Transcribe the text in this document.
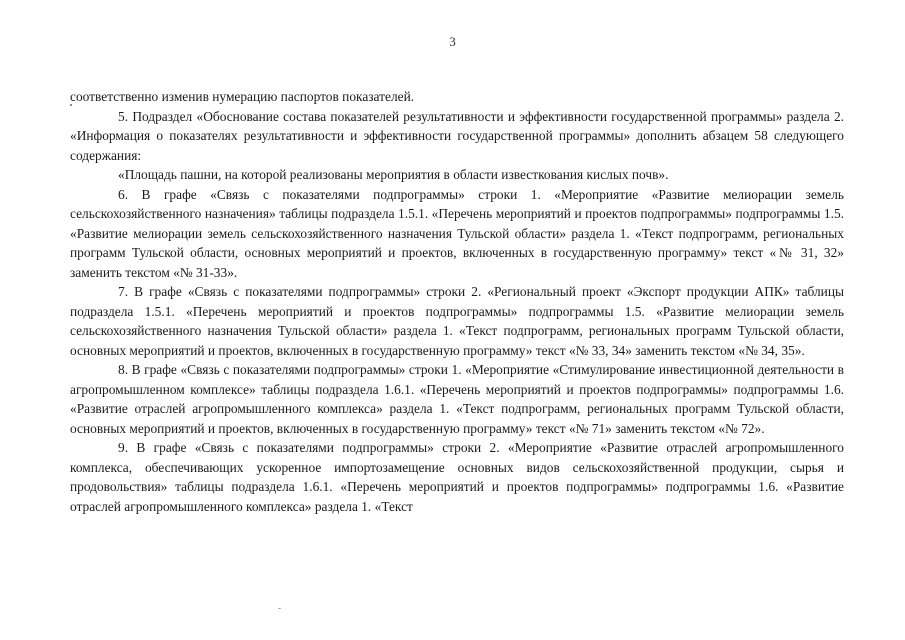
3

соответственно изменив нумерацию паспортов показателей.

5. Подраздел «Обоснование состава показателей результативности и эффективности государственной программы» раздела 2. «Информация о показателях результативности и эффективности государственной программы» дополнить абзацем 58 следующего содержания:

«Площадь пашни, на которой реализованы мероприятия в области известкования кислых почв».

6. В графе «Связь с показателями подпрограммы» строки 1. «Мероприятие «Развитие мелиорации земель сельскохозяйственного назначения» таблицы подраздела 1.5.1. «Перечень мероприятий и проектов подпрограммы» подпрограммы 1.5. «Развитие мелиорации земель сельскохозяйственного назначения Тульской области» раздела 1. «Текст подпрограмм, региональных программ Тульской области, основных мероприятий и проектов, включенных в государственную программу» текст «№ 31, 32» заменить текстом «№ 31-33».

7. В графе «Связь с показателями подпрограммы» строки 2. «Региональный проект «Экспорт продукции АПК» таблицы подраздела 1.5.1. «Перечень мероприятий и проектов подпрограммы» подпрограммы 1.5. «Развитие мелиорации земель сельскохозяйственного назначения Тульской области» раздела 1. «Текст подпрограмм, региональных программ Тульской области, основных мероприятий и проектов, включенных в государственную программу» текст «№ 33, 34» заменить текстом «№ 34, 35».

8. В графе «Связь с показателями подпрограммы» строки 1. «Мероприятие «Стимулирование инвестиционной деятельности в агропромышленном комплексе» таблицы подраздела 1.6.1. «Перечень мероприятий и проектов подпрограммы» подпрограммы 1.6. «Развитие отраслей агропромышленного комплекса» раздела 1. «Текст подпрограмм, региональных программ Тульской области, основных мероприятий и проектов, включенных в государственную программу» текст «№ 71» заменить текстом «№ 72».

9. В графе «Связь с показателями подпрограммы» строки 2. «Мероприятие «Развитие отраслей агропромышленного комплекса, обеспечивающих ускоренное импортозамещение основных видов сельскохозяйственной продукции, сырья и продовольствия» таблицы подраздела 1.6.1. «Перечень мероприятий и проектов подпрограммы» подпрограммы 1.6. «Развитие отраслей агропромышленного комплекса» раздела 1. «Текст
